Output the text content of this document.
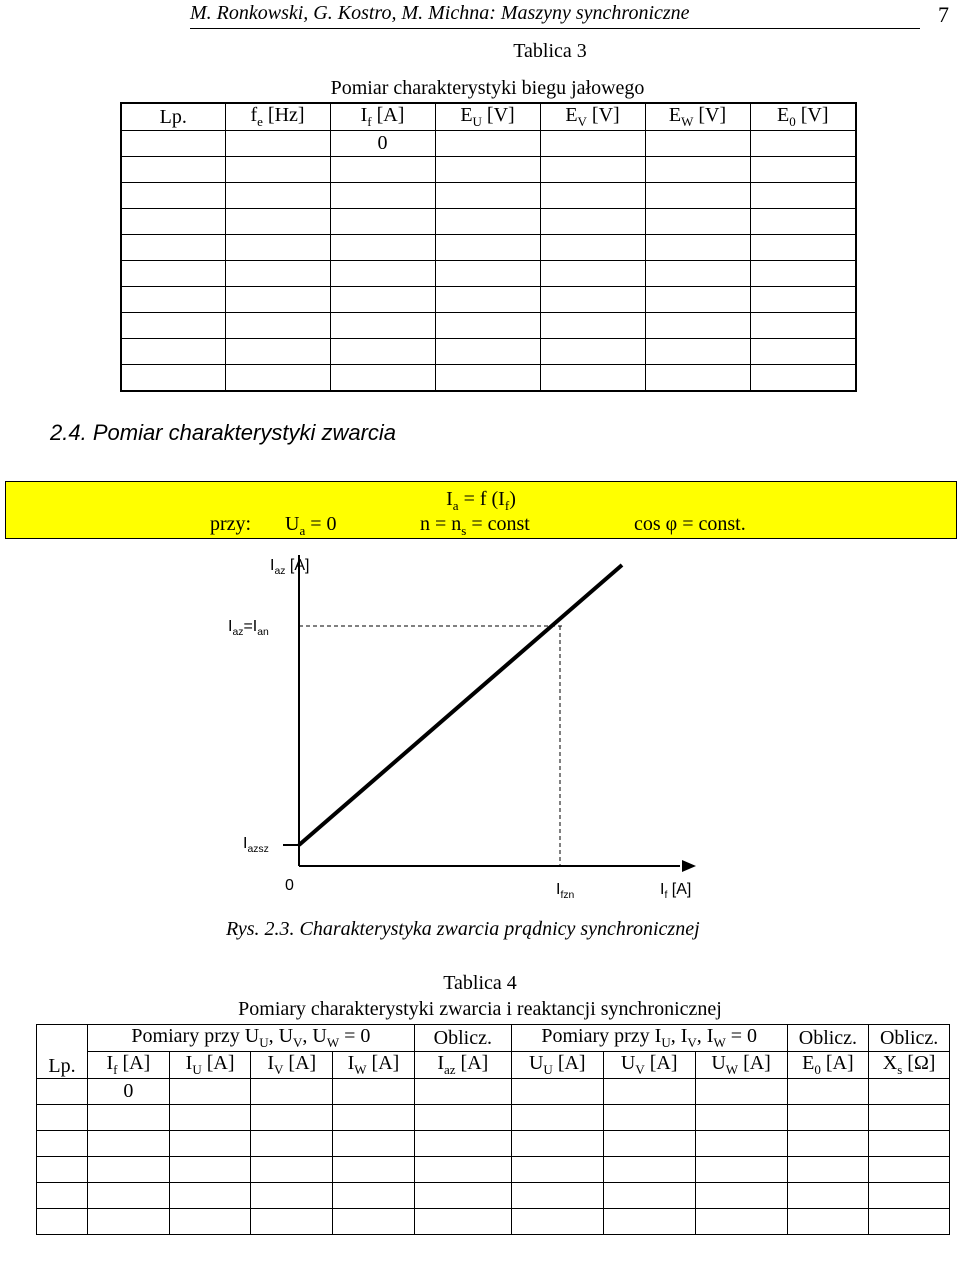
M. Ronkowski, G. Kostro, M. Michna: Maszyny synchroniczne	7
Tablica 3
Pomiar charakterystyki biegu jałowego
Lp.	$f_e$ [Hz]	$I_f$ [A]	$E_U$ [V]	$E_V$ [V]	$E_W$ [V]	$E_0$ [V]
		0				

2.4. Pomiar charakterystyki zwarcia
$I_a = f$ $(I_f)$
przy: $U_a = 0$	$n = n_s$ = const	cos φ = const.
$I_{az}$ [A]
$I_{az}=I_{an}$
$I_{azsz}$
0	$I_{fzn}$	$I_f$ [A]
Rys. 2.3. Charakterystyka zwarcia prądnicy synchronicznej
Tablica 4
Pomiary charakterystyki zwarcia i reaktancji synchronicznej
Lp.	Pomiary przy $U_U$, $U_V$, $U_W = 0$				Oblicz.	Pomiary przy $I_U$, $I_V$, $I_W = 0$			Oblicz.	Oblicz.
	$I_f$ [A]	$I_U$ [A]	$I_V$ [A]	$I_W$ [A]	$I_{az}$ [A]	$U_U$ [A]	$U_V$ [A]	$U_W$ [A]	$E_0$ [A]	$X_s$ [Ω]
	0									
